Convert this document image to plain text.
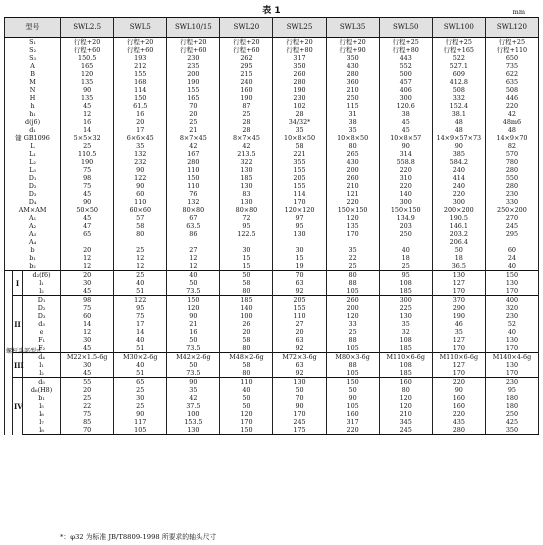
表 1	mm
型号			SWL2.5	SWL5	SWL10/15	SWL20	SWL25	SWL35	SWL50	SWL100	SWL120
S₁			行程+20	行程+20	行程+20	行程+20	行程+20	行程+20	行程+25	行程+25	行程+25
S₂			行程+60	行程+60	行程+60	行程+60	行程+80	行程+90	行程+80	行程+165	行程+110
S₃			150.5	193	230	262	317	350	443	522	650
A			165	212	235	295	350	430	552	527.1	735
B			120	155	200	215	260	280	500	609	622
M			135	168	190	240	280	360	457	412.8	635
N			90	114	155	160	190	210	406	508	508
H			135	150	165	190	230	250	300	332	446
h			45	61.5	70	87	102	115	120.6	152.4	220
h₁			12	16	20	25	28	31	38	38.1	42
d(j6)			16	20	25	28	34/32*	38	45	48	48m6
d₁			14	17	21	28	35	35	45	48	48
键 GB1096			5×5×32	6×6×45	8×7×45	8×7×45	10×8×50	10×8×50	10×8×57	14×9×57×73	14×9×70
L			25	35	42	42	58	80	90	90	82
L₁			110.5	132	167	213.5	221	265	314	385	570
L₂			190	232	280	322	355	430	558.8	584.2	780
L₃			75	90	110	130	155	200	220	240	280
D₁			98	122	150	185	205	260	310	414	550
D₂			75	90	110	130	155	210	220	240	280
D₃			45	60	76	83	114	121	140	220	230
D₄			90	110	132	130	170	220	300	300	330
AM×AM			50×50	60×60	80×80	80×80	120×120	150×150	150×150	200×200	250×200
A₁			45	57	67	72	97	120	134.9	190.5	270
A₂			47	58	63.5	95	95	135	203	146.1	245
A₃			65	80	86	122.5	130	170	250	203.2	295
A₄										206.4	
b			20	25	27	30	30	35	40	50	60
b₁			12	12	12	15	15	22	18	18	24
b₂			12	12	12	15	19	25	25	36.5	40
螺杆头部型式	I	d₂(f6)	20	25	40	50	70	80	95	130	150
		l₁	30	40	50	58	63	88	108	127	130
		l₂	45	51	73.5	80	92	105	185	170	170
	II	D₁	98	122	150	185	205	260	300	370	400
		D₂	75	95	120	140	155	200	225	290	320
		D₃	60	75	90	100	110	120	130	190	230
		d₃	14	17	21	26	27	33	35	46	52
		e	12	14	16	20	20	25	32	35	40
		F₁	30	40	50	58	63	88	108	127	130
		F₂	45	51	73.5	80	92	105	185	170	170
	III	d₄	M22×1.5-6g	M30×2-6g	M42×2-6g	M48×2-6g	M72×3-6g	M80×3-6g	M110×6-6g	M110×6-6g	M140×4-6g
		l₁	30	40	50	58	63	88	108	127	130
		l₂	45	51	73.5	80	92	105	185	170	170
	IV	d₅	55	65	90	110	130	150	160	220	230
		d₆(H8)	20	25	35	40	50	50	80	90	95
		b₁	25	30	42	50	70	90	120	160	180
		l₅	22	25	37.5	50	90	105	120	160	180
		l₆	75	90	100	120	170	160	210	220	250
		l₇	85	117	153.5	170	245	317	345	435	425
		l₈	70	105	130	150	175	220	245	280	350
*：φ32 为标准 JB/T8809-1998 所要求的轴头尺寸
